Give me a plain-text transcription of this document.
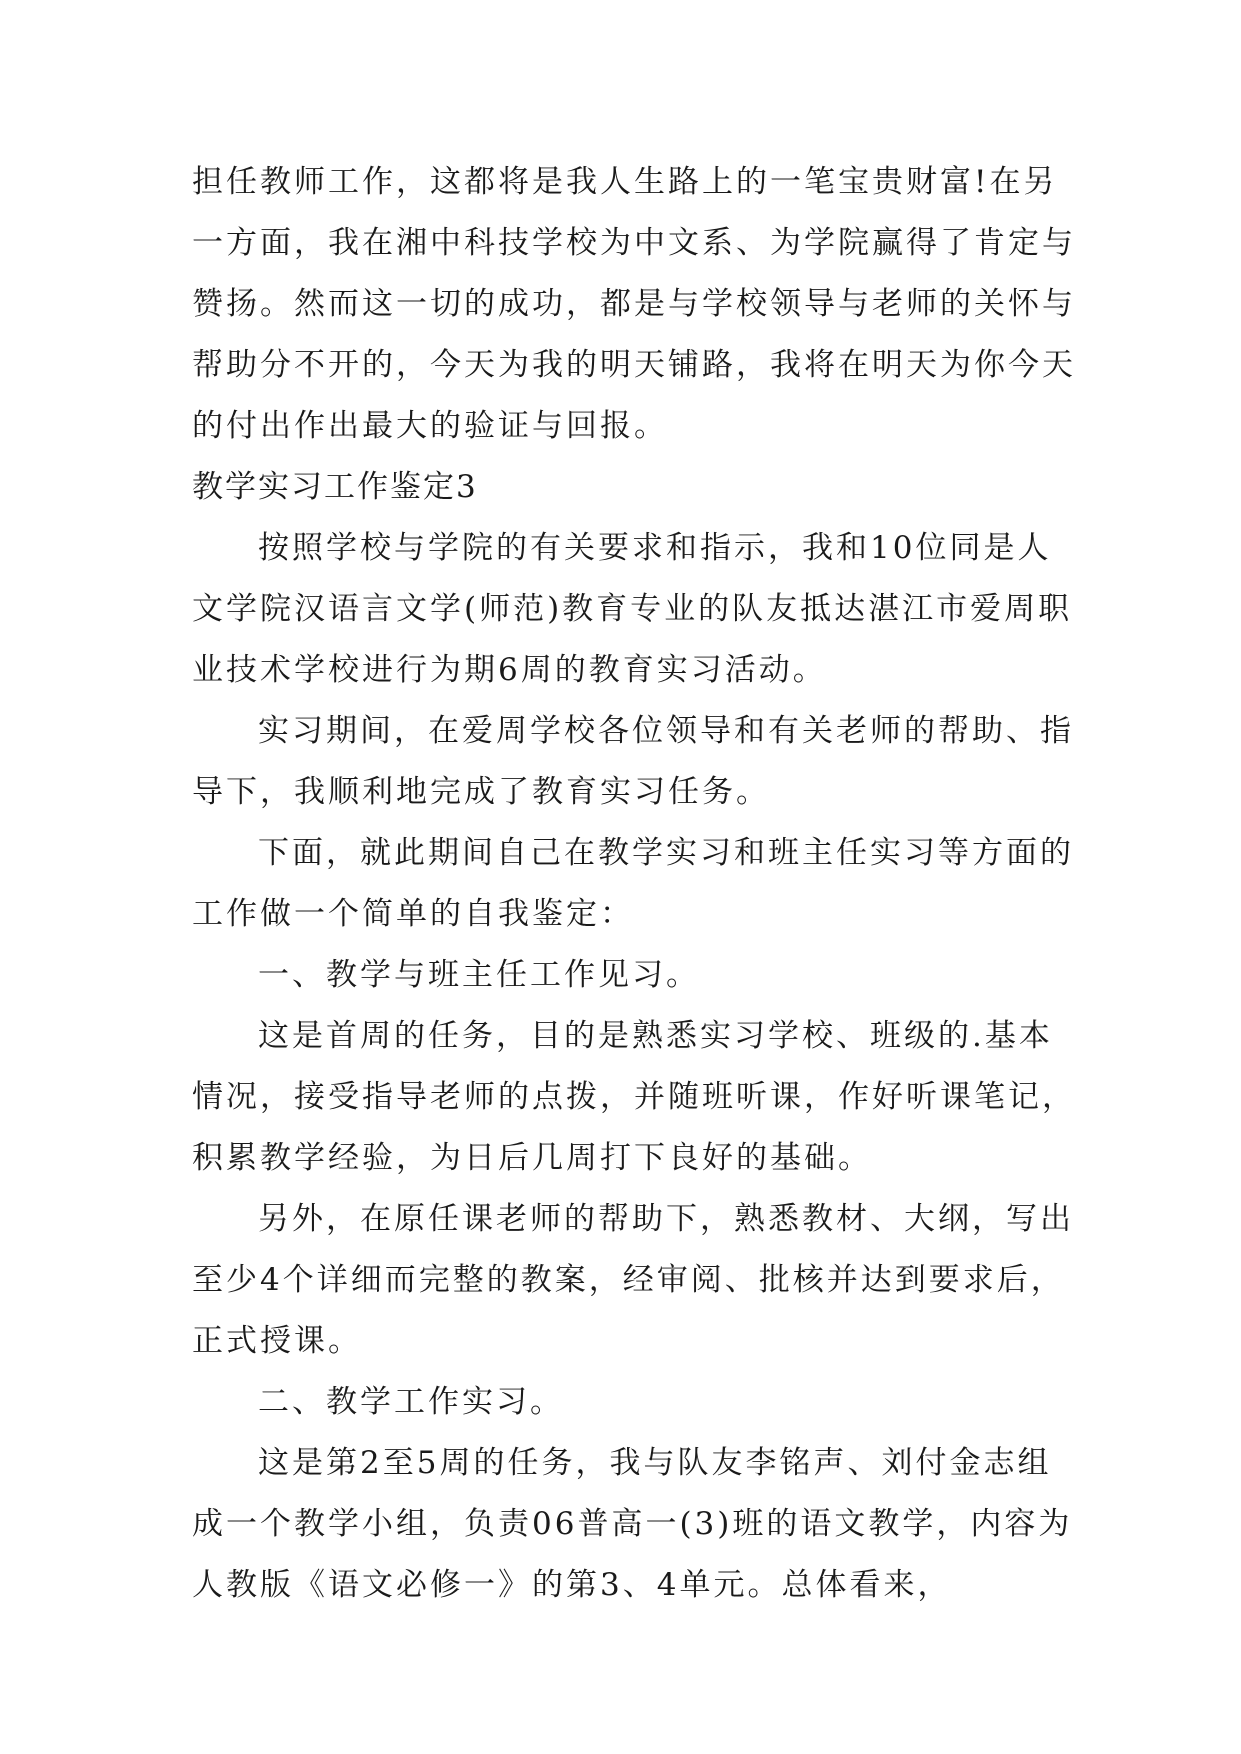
担任教师工作，这都将是我人生路上的一笔宝贵财富!在另
一方面，我在湘中科技学校为中文系、为学院赢得了肯定与
赞扬。然而这一切的成功，都是与学校领导与老师的关怀与
帮助分不开的，今天为我的明天铺路，我将在明天为你今天
的付出作出最大的验证与回报。
教学实习工作鉴定3
按照学校与学院的有关要求和指示，我和10位同是人
文学院汉语言文学(师范)教育专业的队友抵达湛江市爱周职
业技术学校进行为期6周的教育实习活动。
实习期间，在爱周学校各位领导和有关老师的帮助、指
导下，我顺利地完成了教育实习任务。
下面，就此期间自己在教学实习和班主任实习等方面的
工作做一个简单的自我鉴定：
一、教学与班主任工作见习。
这是首周的任务，目的是熟悉实习学校、班级的.基本
情况，接受指导老师的点拨，并随班听课，作好听课笔记，
积累教学经验，为日后几周打下良好的基础。
另外，在原任课老师的帮助下，熟悉教材、大纲，写出
至少4个详细而完整的教案，经审阅、批核并达到要求后，
正式授课。
二、教学工作实习。
这是第2至5周的任务，我与队友李铭声、刘付金志组
成一个教学小组，负责06普高一(3)班的语文教学，内容为
人教版《语文必修一》的第3、4单元。总体看来，
